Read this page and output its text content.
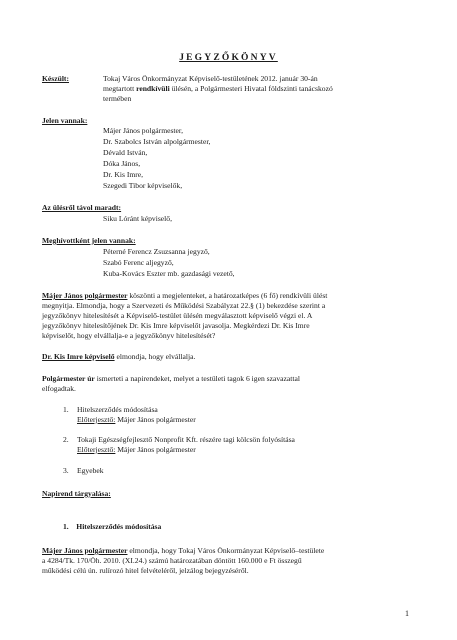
JEGYZŐKÖNYV
Készült:	Tokaj Város Önkormányzat Képviselő-testületének 2012. január 30-án
megtartott rendkívüli ülésén, a Polgármesteri Hivatal földszinti tanácskozó
termében
Jelen vannak:
Májer János polgármester,
Dr. Szabolcs István alpolgármester,
Dévald István,
Dóka János,
Dr. Kis Imre,
Szegedi Tibor képviselők,
Az ülésről távol maradt:
Siku Lóránt képviselő,
Meghívottként jelen vannak:
Péterné Ferencz Zsuzsanna jegyző,
Szabó Ferenc aljegyző,
Kuba-Kovács Eszter mb. gazdasági vezető,
Májer János polgármester köszönti a megjelenteket, a határozatképes (6 fő) rendkívüli ülést
megnyitja. Elmondja, hogy a Szervezeti és Működési Szabályzat 22.§ (1) bekezdése szerint a
jegyzőkönyv hitelesítését a Képviselő-testület ülésén megválasztott képviselő végzi el. A
jegyzőkönyv hitelesítőjének Dr. Kis Imre képviselőt javasolja. Megkérdezi Dr. Kis Imre
képviselőt, hogy elvállalja-e a jegyzőkönyv hitelesítését?
Dr. Kis Imre képviselő elmondja, hogy elvállalja.
Polgármester úr ismerteti a napirendeket, melyet a testületi tagok 6 igen szavazattal
elfogadtak.
1. Hitelszerződés módosítása
Előterjesztő: Májer János polgármester
2. Tokaji Egészségfejlesztő Nonprofit Kft. részére tagi kölcsön folyósítása
Előterjesztő: Májer János polgármester
3. Egyebek
Napirend tárgyalása:
1.    Hitelszerződés módosítása
Májer János polgármester elmondja, hogy Tokaj Város Önkormányzat Képviselő–testülete
a 4284/Tk. 170/Öh. 2010. (XI.24.) számú határozatában döntött 160.000 e Ft összegű
működési célú ún. rulírozó hitel felvételéről, jelzálog bejegyzéséről.
1
